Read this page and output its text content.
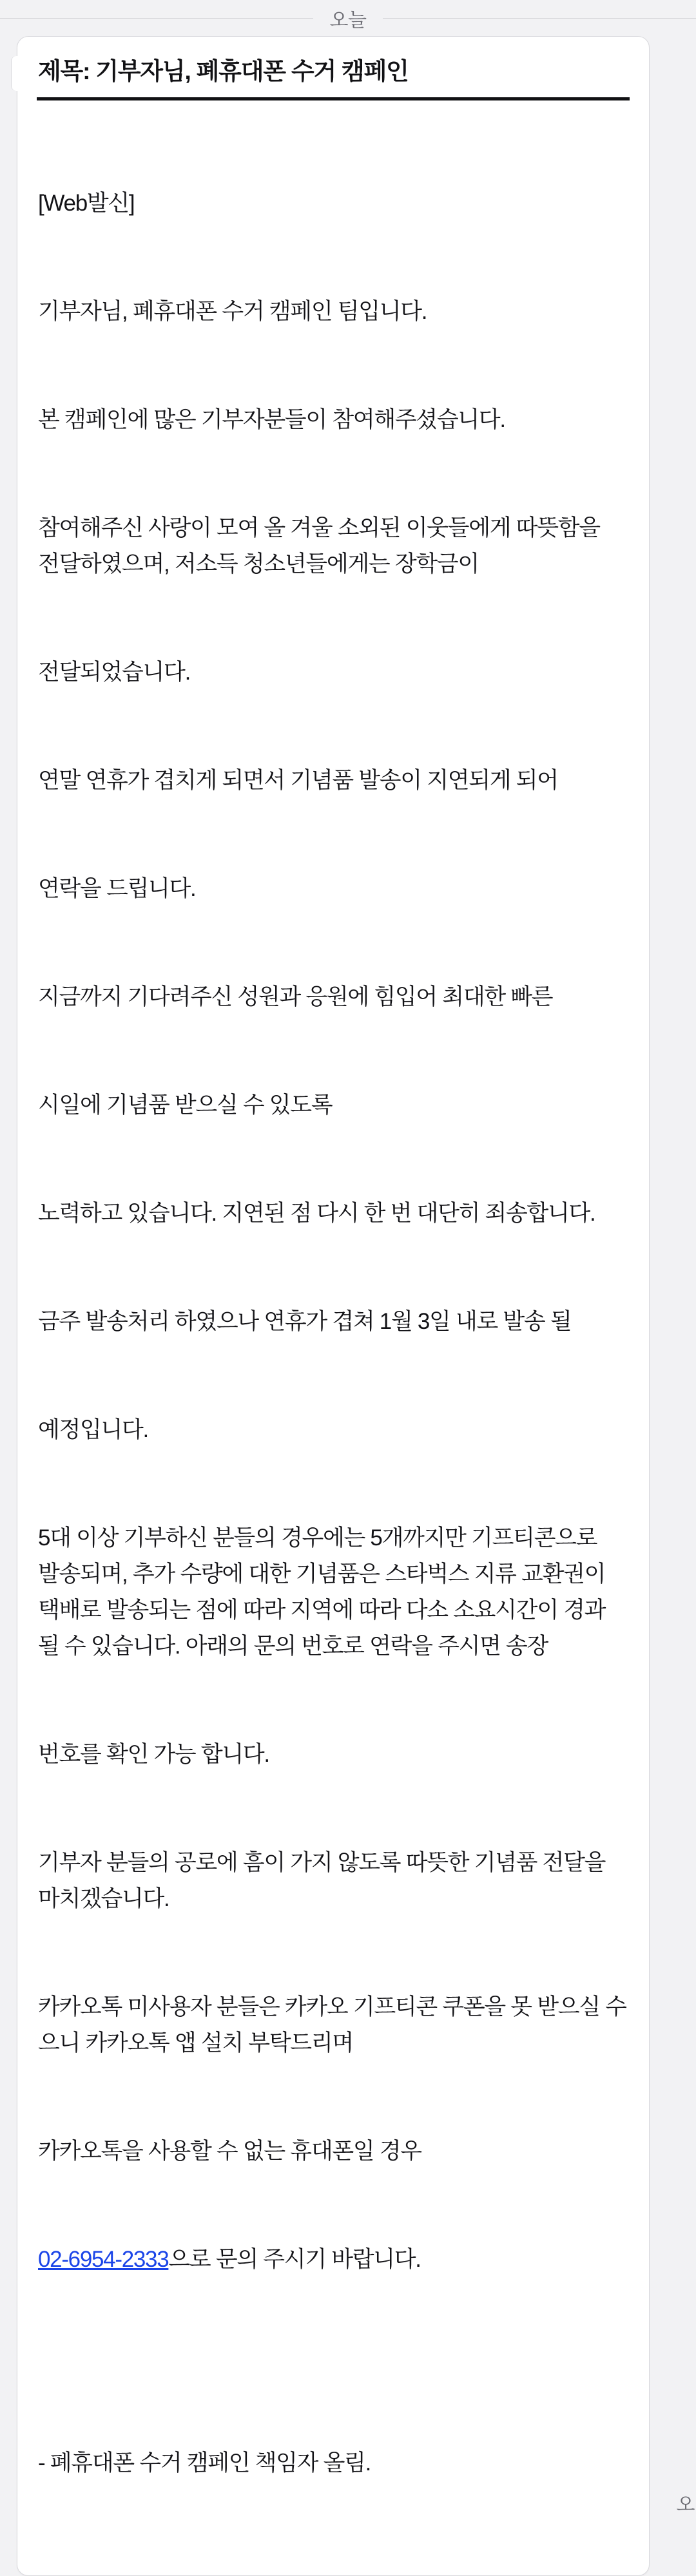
오늘
제목: 기부자님, 폐휴대폰 수거 캠페인

[Web발신]

기부자님, 폐휴대폰 수거 캠페인 팀입니다.

본 캠페인에 많은 기부자분들이 참여해주셨습니다.

참여해주신 사랑이 모여 올 겨울 소외된 이웃들에게 따뜻함을 전달하였으며, 저소득 청소년들에게는 장학금이

전달되었습니다.

연말 연휴가 겹치게 되면서 기념품 발송이 지연되게 되어

연락을 드립니다.

지금까지 기다려주신 성원과 응원에 힘입어 최대한 빠른

시일에 기념품 받으실 수 있도록

노력하고 있습니다. 지연된 점 다시 한 번 대단히 죄송합니다.

금주 발송처리 하였으나 연휴가 겹쳐 1월 3일 내로 발송 될

예정입니다.

5대 이상 기부하신 분들의 경우에는 5개까지만 기프티콘으로 발송되며, 추가 수량에 대한 기념품은 스타벅스 지류 교환권이 택배로 발송되는 점에 따라 지역에 따라 다소 소요시간이 경과 될 수 있습니다. 아래의 문의 번호로 연락을 주시면 송장

번호를 확인 가능 합니다.

기부자 분들의 공로에 흠이 가지 않도록 따뜻한 기념품 전달을 마치겠습니다.

카카오톡 미사용자 분들은 카카오 기프티콘 쿠폰을 못 받으실 수 으니 카카오톡 앱 설치 부탁드리며

카카오톡을 사용할 수 없는 휴대폰일 경우

02-6954-2333으로 문의 주시기 바랍니다.

- 폐휴대폰 수거 캠페인 책임자 올림.

오
